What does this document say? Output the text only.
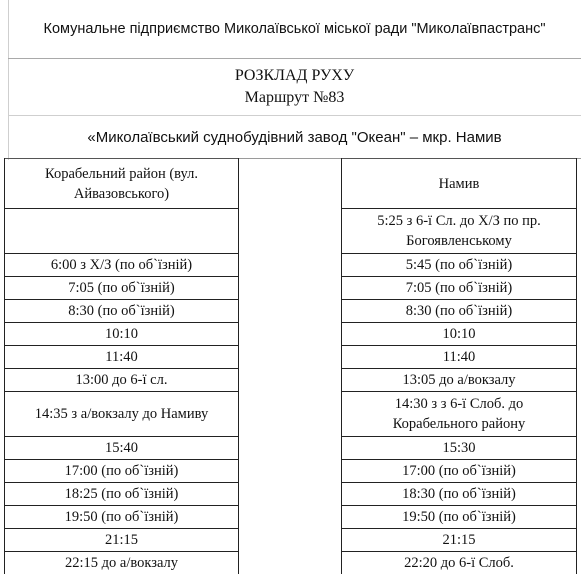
Комунальне підприємство Миколаївської міської ради "Миколаївпастранс"
РОЗКЛАД РУХУ
Маршрут №83
«Миколаївський суднобудівний завод "Океан" – мкр. Намив
Корабельний район (вул.
Айвазовського)
6:00 з Х/З (по об`їзній)
7:05 (по об`їзній)
8:30 (по об`їзній)
10:10
11:40
13:00 до 6-ї сл.
14:35 з а/вокзалу до Намиву
15:40
17:00 (по об`їзній)
18:25 (по об`їзній)
19:50 (по об`їзній)
21:15
22:15 до а/вокзалу
Намив
5:25 з 6-ї Сл. до Х/З по пр.
Богоявленському
5:45 (по об`їзній)
7:05 (по об`їзній)
8:30 (по об`їзній)
10:10
11:40
13:05 до а/вокзалу
14:30 з з 6-ї Слоб. до
Корабельного району
15:30
17:00 (по об`їзній)
18:30 (по об`їзній)
19:50 (по об`їзній)
21:15
22:20 до 6-ї Слоб.
